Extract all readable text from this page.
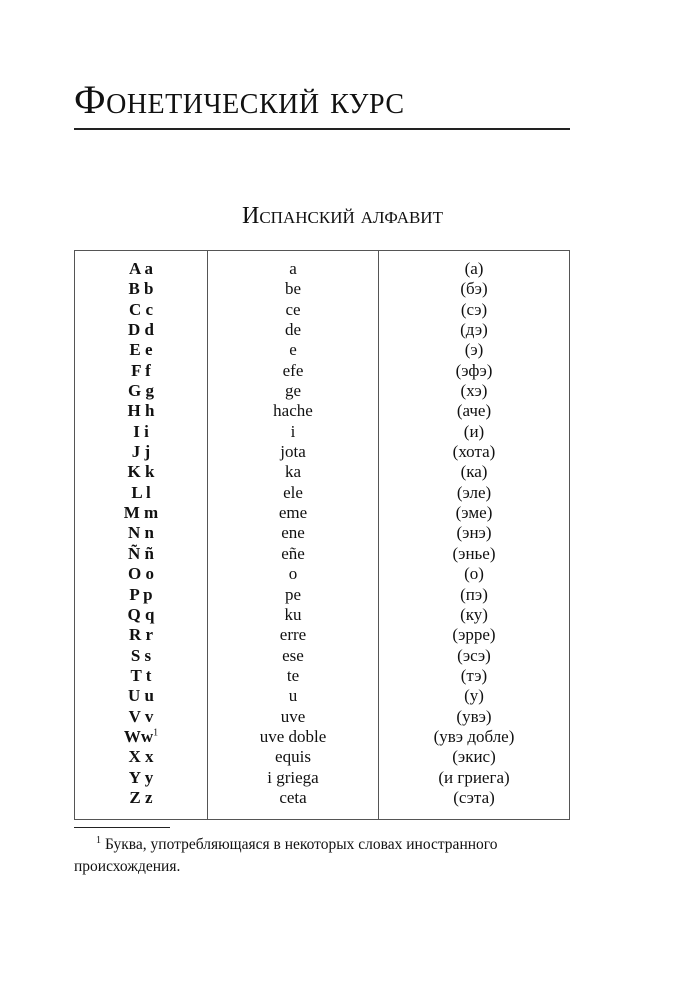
Фонетический курс
Испанский алфавит
A a
B b
C c
D d
E e
F f
G g
H h
I i
J j
K k
L l
M m
N n
Ñ ñ
O o
P p
Q q
R r
S s
T t
U u
V v
Ww$^1$
X x
Y y
Z z
a
be
ce
de
e
efe
ge
hache
i
jota
ka
ele
eme
ene
eñe
o
pe
ku
erre
ese
te
u
uve
uve doble
equis
i griega
ceta
(а)
(бэ)
(сэ)
(дэ)
(э)
(эфэ)
(хэ)
(аче)
(и)
(хота)
(ка)
(эле)
(эме)
(энэ)
(энье)
(о)
(пэ)
(ку)
(эрре)
(эсэ)
(тэ)
(у)
(увэ)
(увэ добле)
(экис)
(и гриега)
(сэта)
$^1$ Буква, употребляющаяся в некоторых словах иностранного
происхождения.
